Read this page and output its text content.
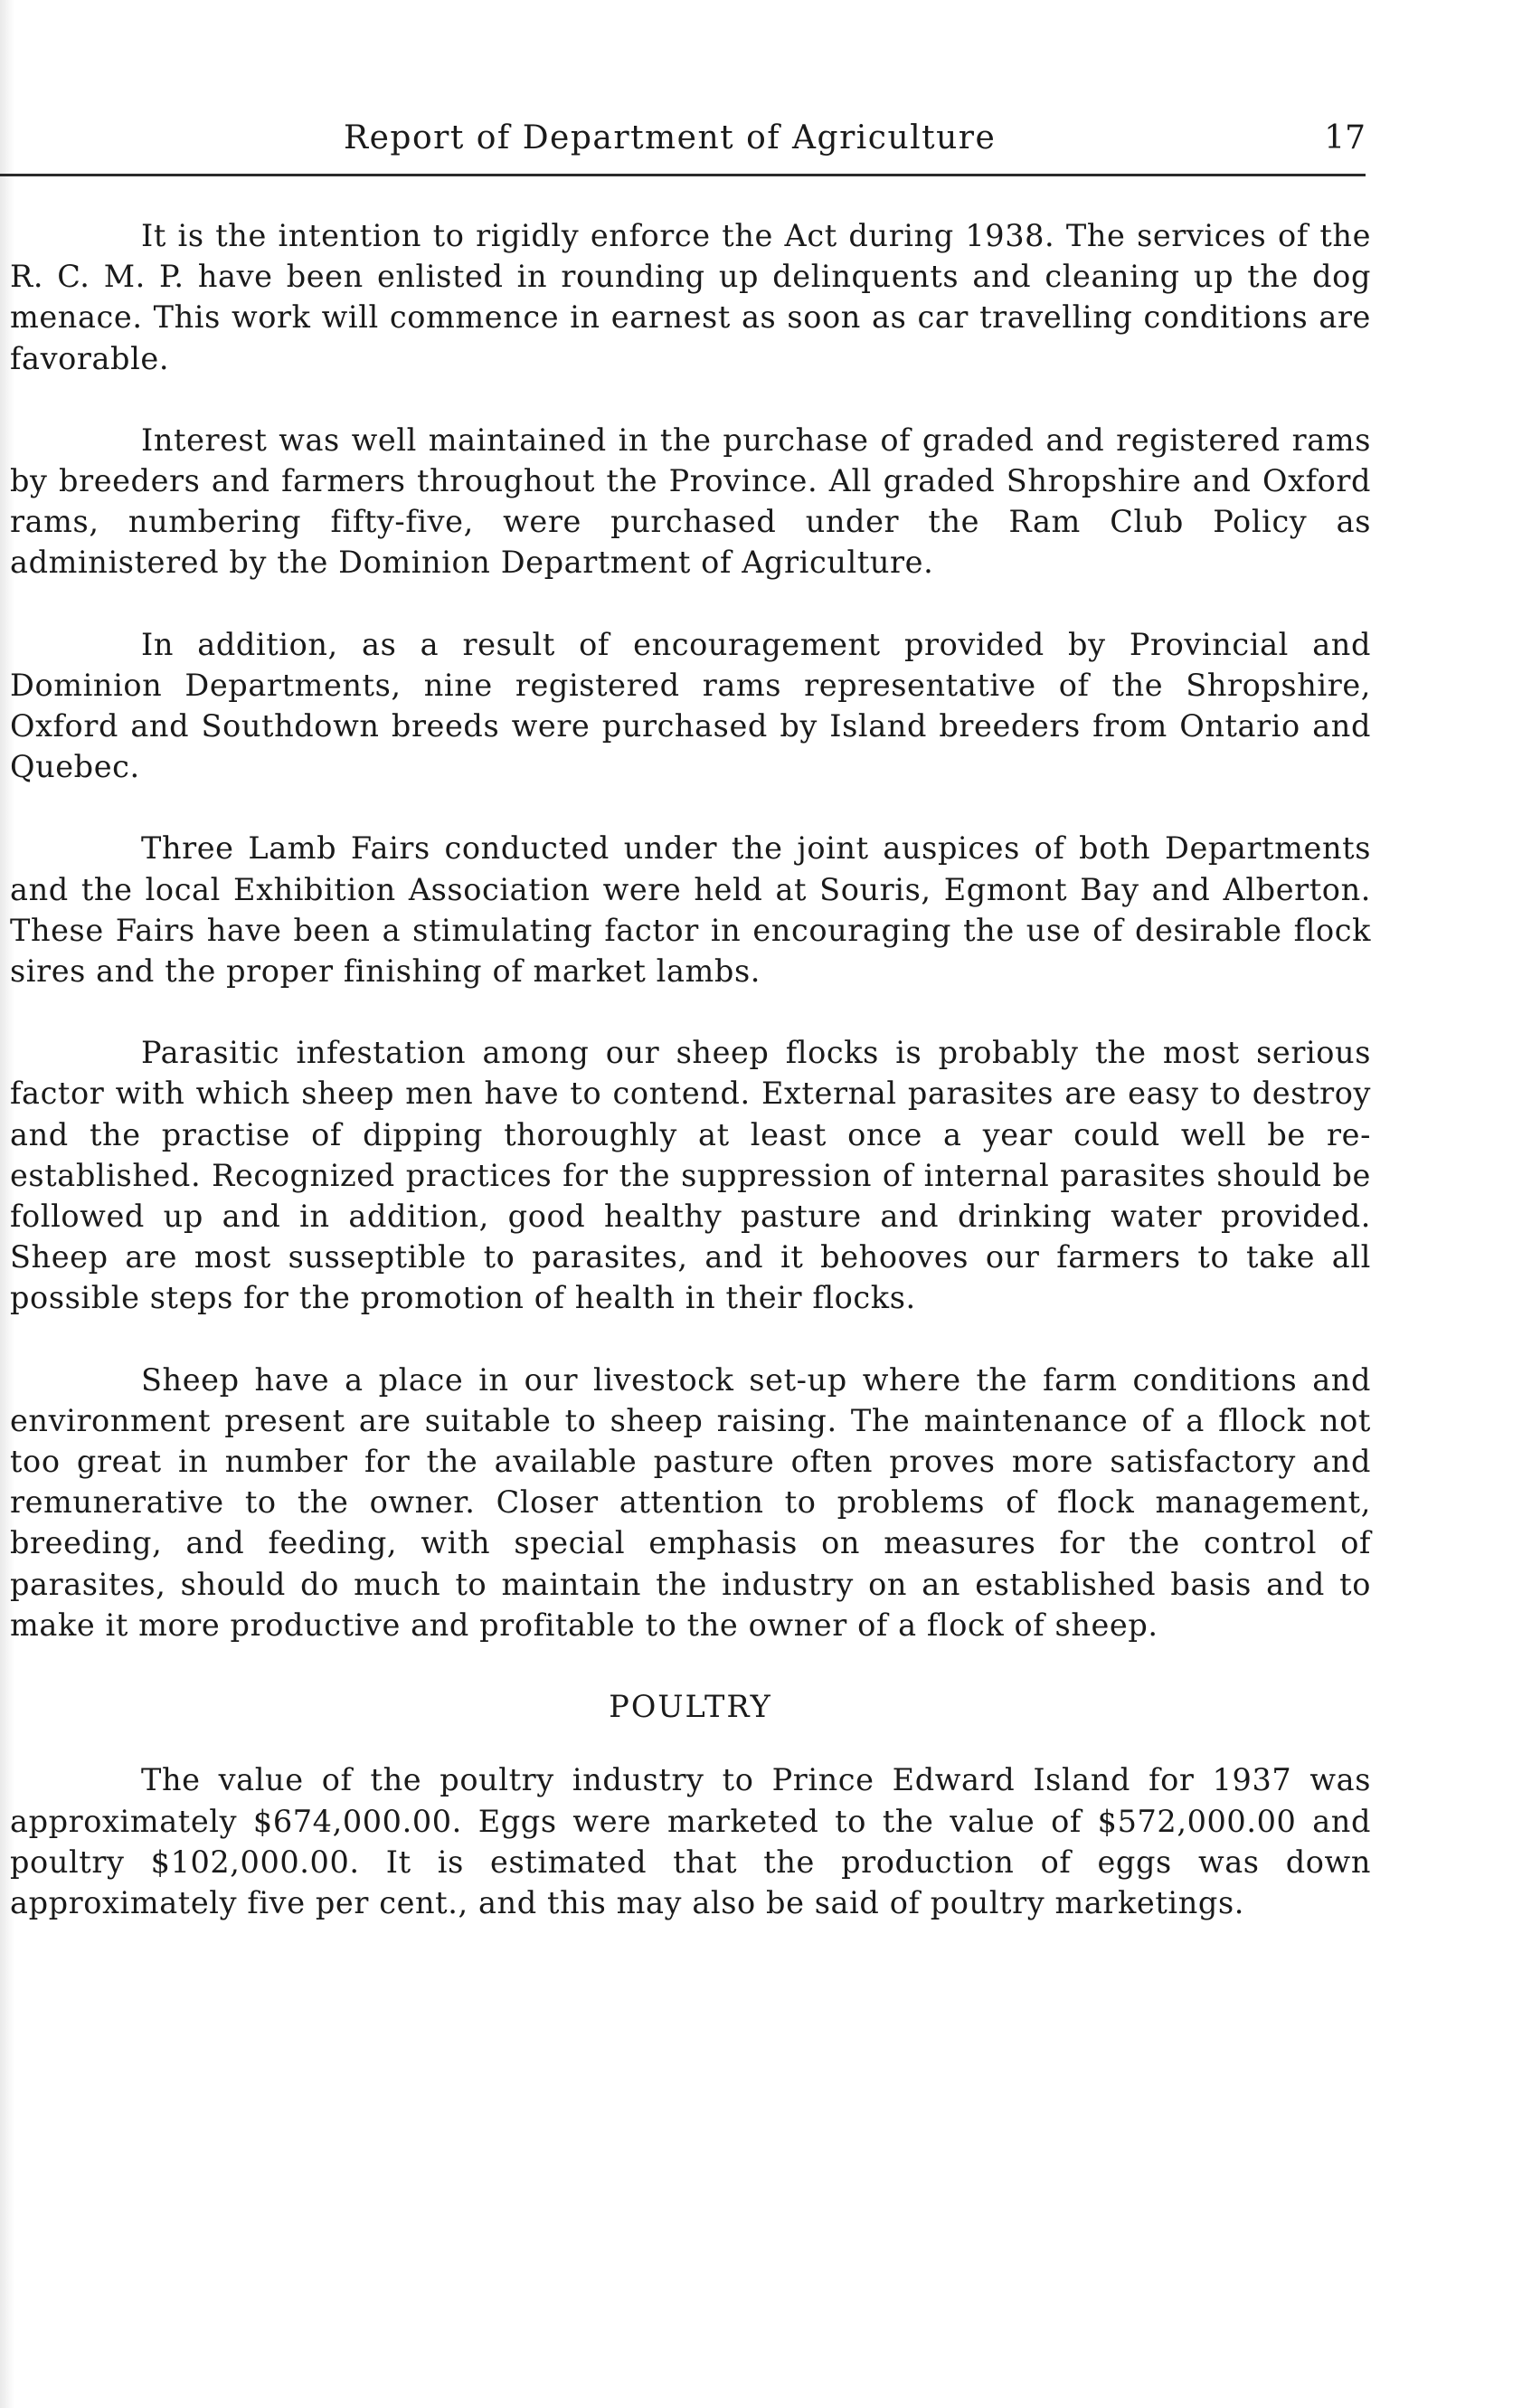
Report of Department of Agriculture	17

It is the intention to rigidly enforce the Act during 1938. The services of the R. C. M. P. have been enlisted in rounding up delinquents and cleaning up the dog menace. This work will commence in earnest as soon as car travelling conditions are favorable.

Interest was well maintained in the purchase of graded and registered rams by breeders and farmers throughout the Province. All graded Shropshire and Oxford rams, numbering fifty-five, were purchased under the Ram Club Policy as administered by the Dominion Department of Agriculture.

In addition, as a result of encouragement provided by Provincial and Dominion Departments, nine registered rams representative of the Shropshire, Oxford and Southdown breeds were purchased by Island breeders from Ontario and Quebec.

Three Lamb Fairs conducted under the joint auspices of both Departments and the local Exhibition Association were held at Souris, Egmont Bay and Alberton. These Fairs have been a stimulating factor in encouraging the use of desirable flock sires and the proper finishing of market lambs.

Parasitic infestation among our sheep flocks is probably the most serious factor with which sheep men have to contend. External parasites are easy to destroy and the practise of dipping thoroughly at least once a year could well be re-established. Recognized practices for the suppression of internal parasites should be followed up and in addition, good healthy pasture and drinking water provided. Sheep are most susseptible to parasites, and it behooves our farmers to take all possible steps for the promotion of health in their flocks.

Sheep have a place in our livestock set-up where the farm conditions and environment present are suitable to sheep raising. The maintenance of a fllock not too great in number for the available pasture often proves more satisfactory and remunerative to the owner. Closer attention to problems of flock management, breeding, and feeding, with special emphasis on measures for the control of parasites, should do much to maintain the industry on an established basis and to make it more productive and profitable to the owner of a flock of sheep.

POULTRY

The value of the poultry industry to Prince Edward Island for 1937 was approximately $674,000.00. Eggs were marketed to the value of $572,000.00 and poultry $102,000.00. It is estimated that the production of eggs was down approximately five per cent., and this may also be said of poultry marketings.
